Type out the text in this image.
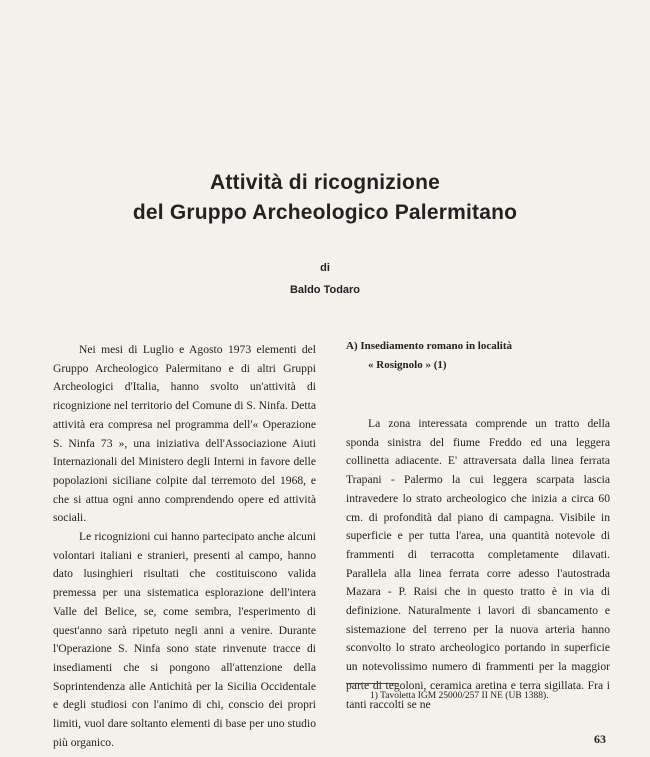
Attività di ricognizione
del Gruppo Archeologico Palermitano
di
Baldo Todaro

Nei mesi di Luglio e Agosto 1973 elementi del Gruppo Archeologico Palermitano e di altri Gruppi Archeologici d'Italia, hanno svolto un'attività di ricognizione nel territorio del Comune di S. Ninfa. Detta attività era compresa nel programma dell'« Operazione S. Ninfa 73 », una iniziativa dell'Associazione Aiuti Internazionali del Ministero degli Interni in favore delle popolazioni siciliane colpite dal terremoto del 1968, e che si attua ogni anno comprendendo opere ed attività sociali.

Le ricognizioni cui hanno partecipato anche alcuni volontari italiani e stranieri, presenti al campo, hanno dato lusinghieri risultati che costituiscono valida premessa per una sistematica esplorazione dell'intera Valle del Belice, se, come sembra, l'esperimento di quest'anno sarà ripetuto negli anni a venire. Durante l'Operazione S. Ninfa sono state rinvenute tracce di insediamenti che si pongono all'attenzione della Soprintendenza alle Antichità per la Sicilia Occidentale e degli studiosi con l'animo di chi, conscio dei propri limiti, vuol dare soltanto elementi di base per uno studio più organico.

A) Insediamento romano in località
« Rosignolo » (1)

La zona interessata comprende un tratto della sponda sinistra del fiume Freddo ed una leggera collinetta adiacente. E' attraversata dalla linea ferrata Trapani - Palermo la cui leggera scarpata lascia intravedere lo strato archeologico che inizia a circa 60 cm. di profondità dal piano di campagna. Visibile in superficie e per tutta l'area, una quantità notevole di frammenti di terracotta completamente dilavati. Parallela alla linea ferrata corre adesso l'autostrada Mazara - P. Raisi che in questo tratto è in via di definizione. Naturalmente i lavori di sbancamento e sistemazione del terreno per la nuova arteria hanno sconvolto lo strato archeologico portando in superficie un notevolissimo numero di frammenti per la maggior parte di tegoloni, ceramica aretina e terra sigillata. Fra i tanti raccolti se ne

1) Tavoletta IGM 25000/257 II NE (UB 1388).
63
